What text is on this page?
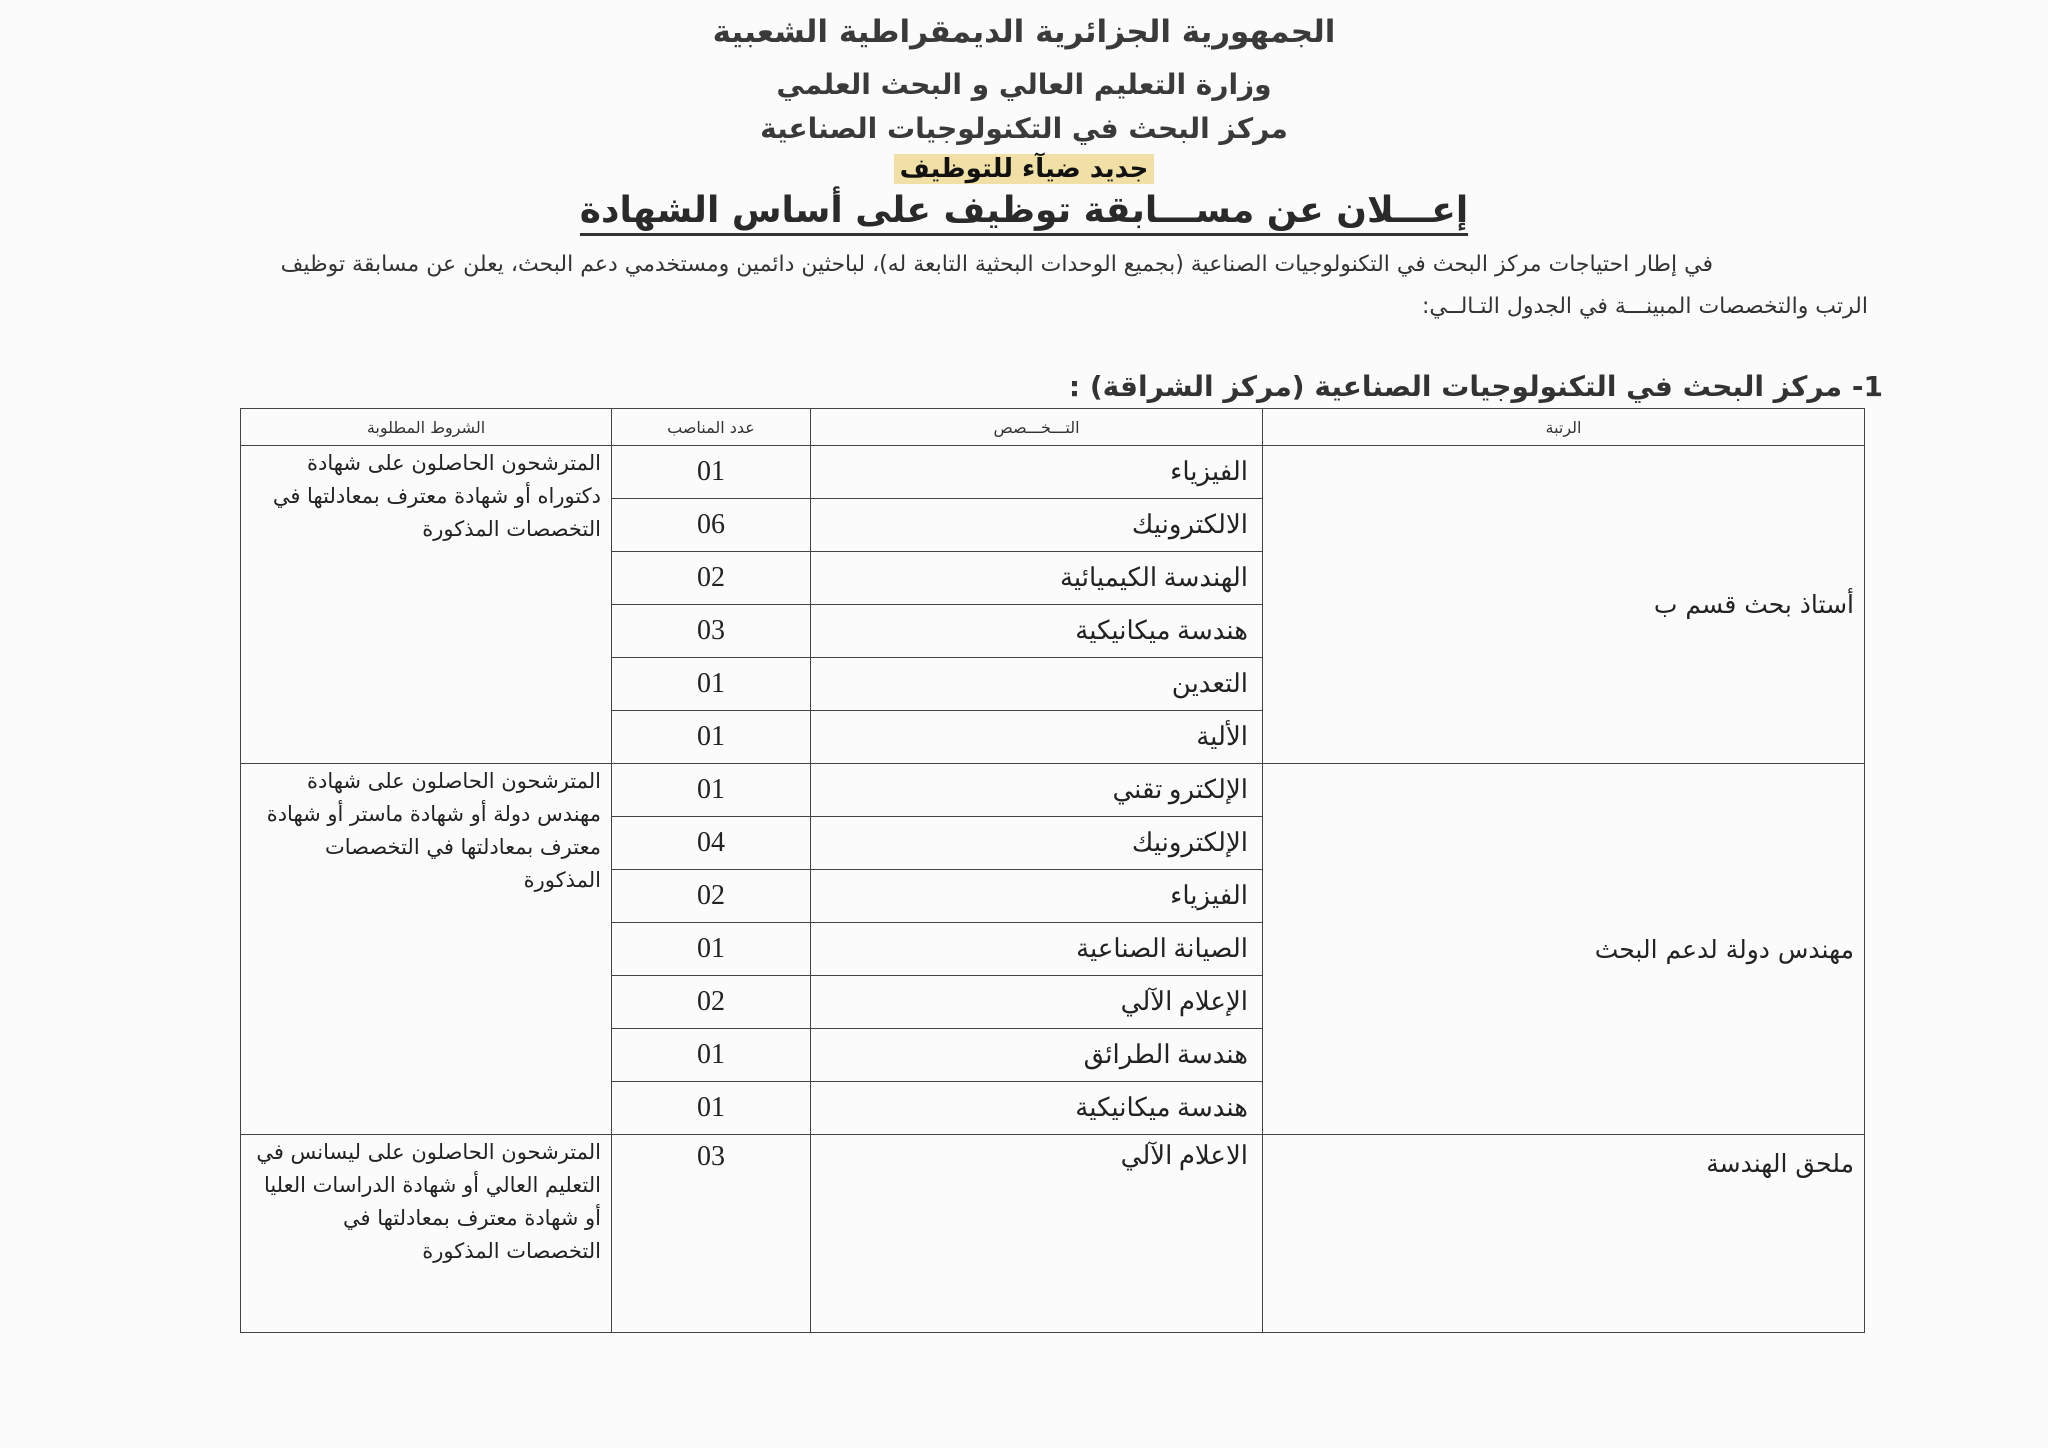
الجمهورية الجزائرية الديمقراطية الشعبية
وزارة التعليم العالي و البحث العلمي
مركز البحث في التكنولوجيات الصناعية
جديد ضيآء للتوظيف
إعـــلان عن مســـابقة توظيف على أساس الشهادة
في إطار احتياجات مركز البحث في التكنولوجيات الصناعية (بجميع الوحدات البحثية التابعة له)، لباحثين دائمين ومستخدمي دعم البحث، يعلن عن مسابقة توظيف
الرتب والتخصصات المبينـــة في الجدول التـالــي:
1- مركز البحث في التكنولوجيات الصناعية (مركز الشراقة) :
الرتبة	التـــخـــصص	عدد المناصب	الشروط المطلوبة
أستاذ بحث قسم ب	الفيزياء	01	المترشحون الحاصلون على شهادة دكتوراه أو شهادة معترف بمعادلتها في التخصصات المذكورة
	الالكترونيك	06	
	الهندسة الكيميائية	02	
	هندسة ميكانيكية	03	
	التعدين	01	
	الألية	01	
مهندس دولة لدعم البحث	الإلكترو تقني	01	المترشحون الحاصلون على شهادة مهندس دولة أو شهادة ماستر أو شهادة معترف بمعادلتها في التخصصات المذكورة
	الإلكترونيك	04	
	الفيزياء	02	
	الصيانة الصناعية	01	
	الإعلام الآلي	02	
	هندسة الطرائق	01	
	هندسة ميكانيكية	01	
ملحق الهندسة	الاعلام الآلي	03	المترشحون الحاصلون على ليسانس في التعليم العالي أو شهادة الدراسات العليا أو شهادة معترف بمعادلتها في التخصصات المذكورة
